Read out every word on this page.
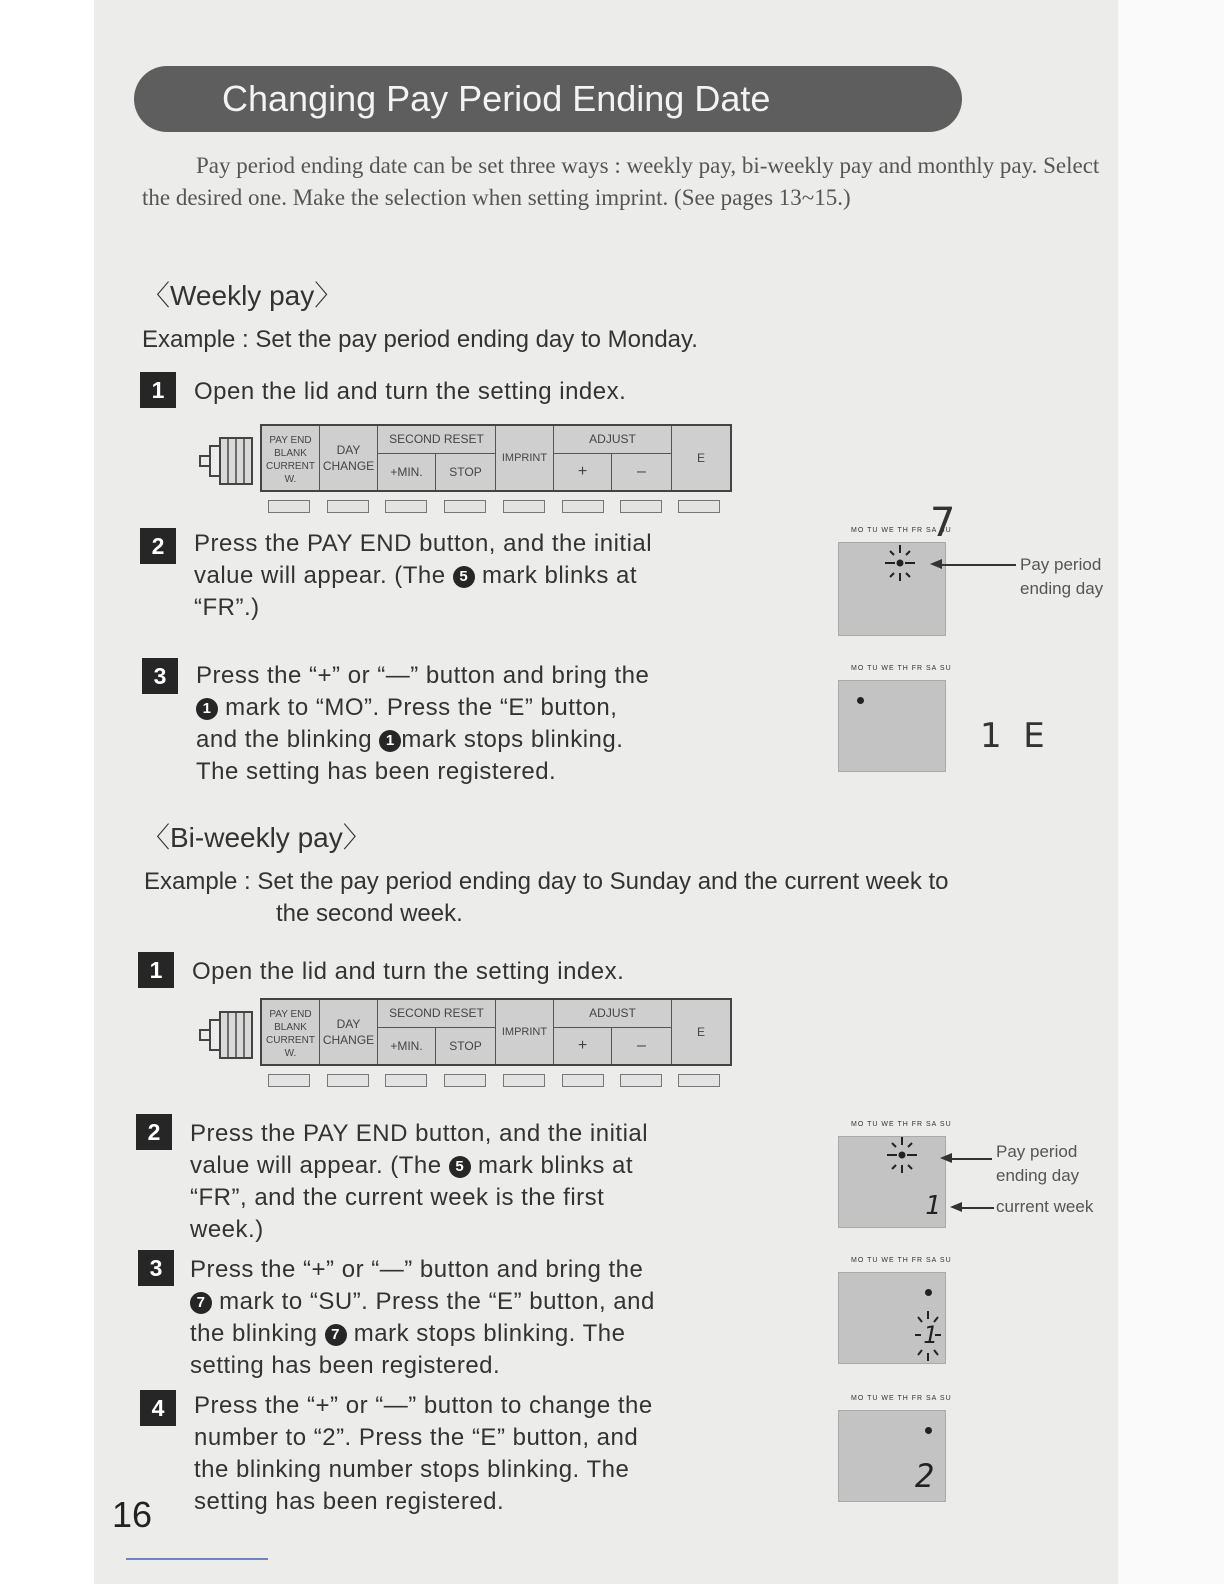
Changing Pay Period Ending Date

Pay period ending date can be set three ways : weekly pay, bi-weekly pay and monthly pay. Select the desired one. Make the selection when setting imprint. (See pages 13~15.)

〈Weekly pay〉
Example : Set the pay period ending day to Monday.
1	Open the lid and turn the setting index.
PAY END
BLANK
CURRENT W.
DAY
CHANGE
SECOND RESET
+MIN.	STOP
IMPRINT
ADJUST
+	–
E
2	Press the PAY END button, and the initial
value will appear. (The 5 mark blinks at
“FR”.)
MO TU WE TH FR SA SU
7
Pay period
ending day
3	Press the “+” or “—” button and bring the
1 mark to “MO”. Press the “E” button,
and the blinking 1 mark stops blinking.
The setting has been registered.
MO TU WE TH FR SA SU
1  E
〈Bi-weekly pay〉
Example : Set the pay period ending day to Sunday and the current week to
the second week.
1	Open the lid and turn the setting index.
PAY END
BLANK
CURRENT W.
DAY
CHANGE
SECOND RESET
+MIN.	STOP
IMPRINT
ADJUST
+	–
E
2	Press the PAY END button, and the initial
value will appear. (The 5 mark blinks at
“FR”, and the current week is the first
week.)
MO TU WE TH FR SA SU
1
Pay period
ending day
current week
3	Press the “+” or “—” button and bring the
7 mark to “SU”. Press the “E” button, and
the blinking 7 mark stops blinking. The
setting has been registered.
MO TU WE TH FR SA SU
1
4	Press the “+” or “—” button to change the
number to “2”. Press the “E” button, and
the blinking number stops blinking. The
setting has been registered.
MO TU WE TH FR SA SU
2
16
